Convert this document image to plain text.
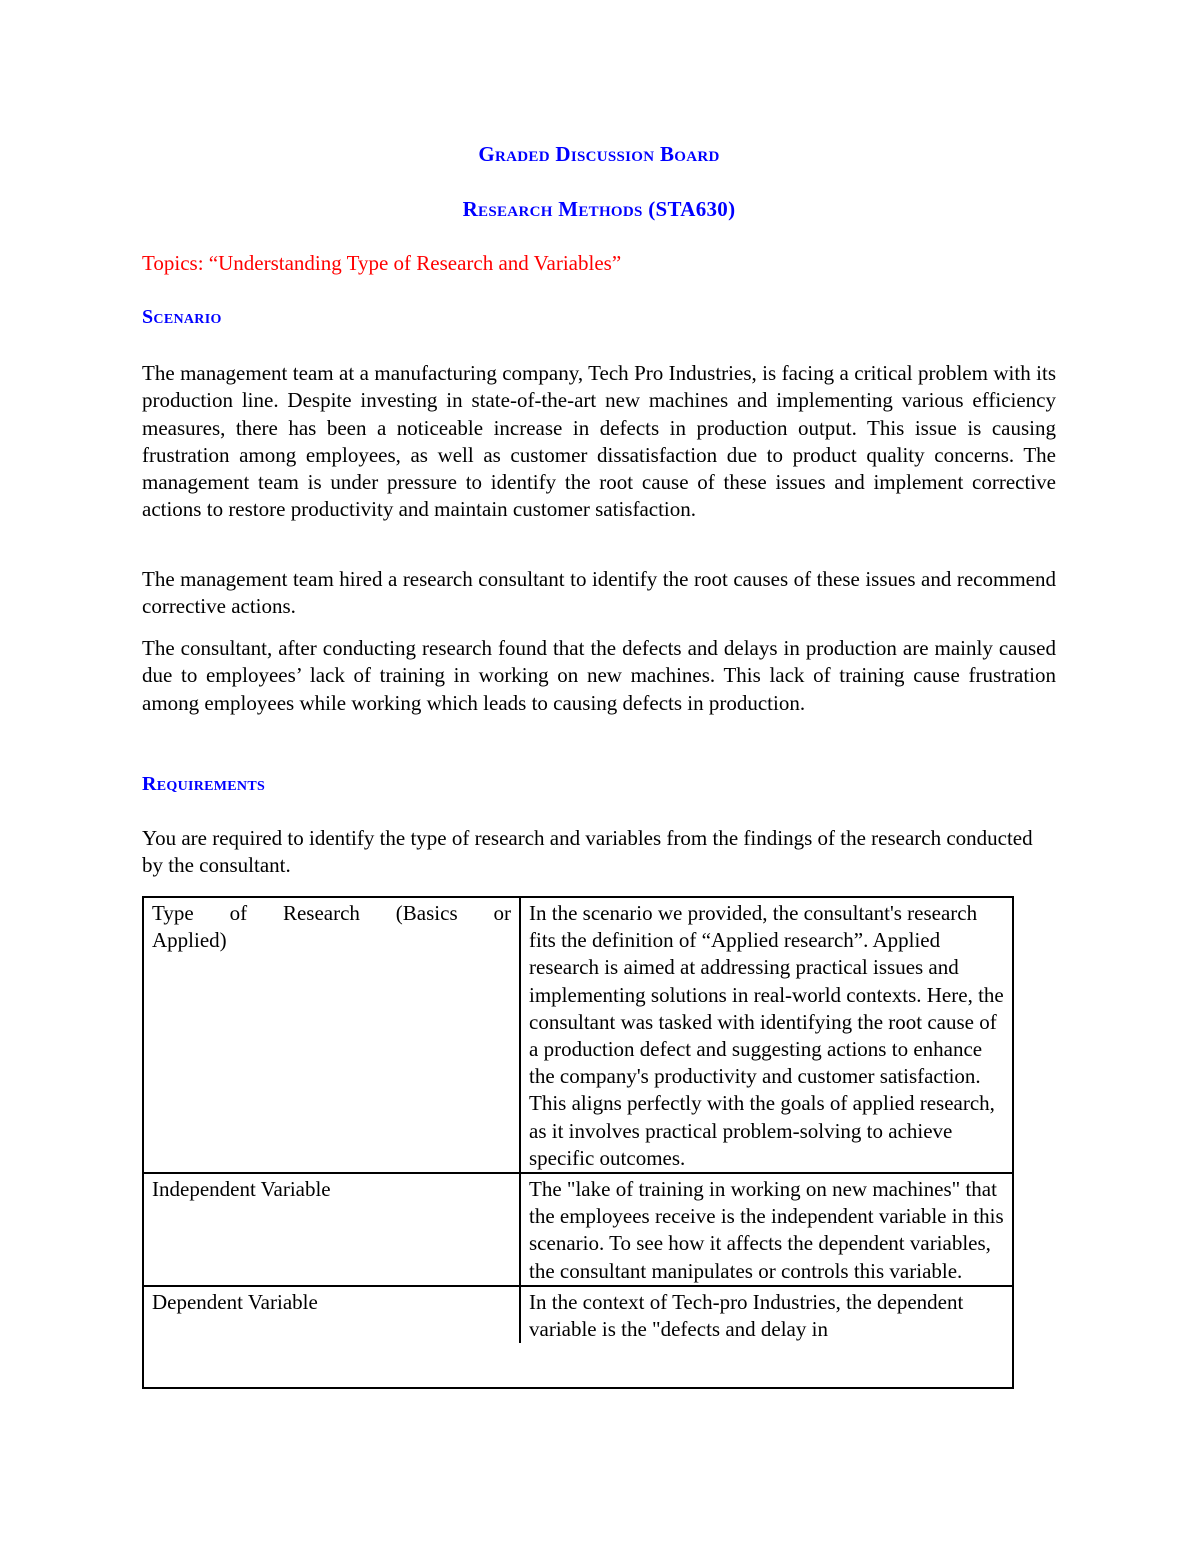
Graded Discussion Board
Research Methods (STA630)
Topics: “Understanding Type of Research and Variables”
Scenario

The management team at a manufacturing company, Tech Pro Industries, is facing a critical problem with its production line. Despite investing in state-of-the-art new machines and implementing various efficiency measures, there has been a noticeable increase in defects in production output. This issue is causing frustration among employees, as well as customer dissatisfaction due to product quality concerns. The management team is under pressure to identify the root cause of these issues and implement corrective actions to restore productivity and maintain customer satisfaction.

The management team hired a research consultant to identify the root causes of these issues and recommend corrective actions.

The consultant, after conducting research found that the defects and delays in production are mainly caused due to employees’ lack of training in working on new machines. This lack of training cause frustration among employees while working which leads to causing defects in production.

Requirements

You are required to identify the type of research and variables from the findings of the research conducted by the consultant.

Type of Research (Basics or
Applied)	In the scenario we provided, the consultant's research fits the definition of “Applied research”. Applied research is aimed at addressing practical issues and implementing solutions in real-world contexts. Here, the consultant was tasked with identifying the root cause of a production defect and suggesting actions to enhance the company's productivity and customer satisfaction. This aligns perfectly with the goals of applied research, as it involves practical problem-solving to achieve specific outcomes.
Independent Variable	The "lake of training in working on new machines" that the employees receive is the independent variable in this scenario. To see how it affects the dependent variables, the consultant manipulates or controls this variable.
Dependent Variable	In the context of Tech-pro Industries, the dependent variable is the "defects and delay in
